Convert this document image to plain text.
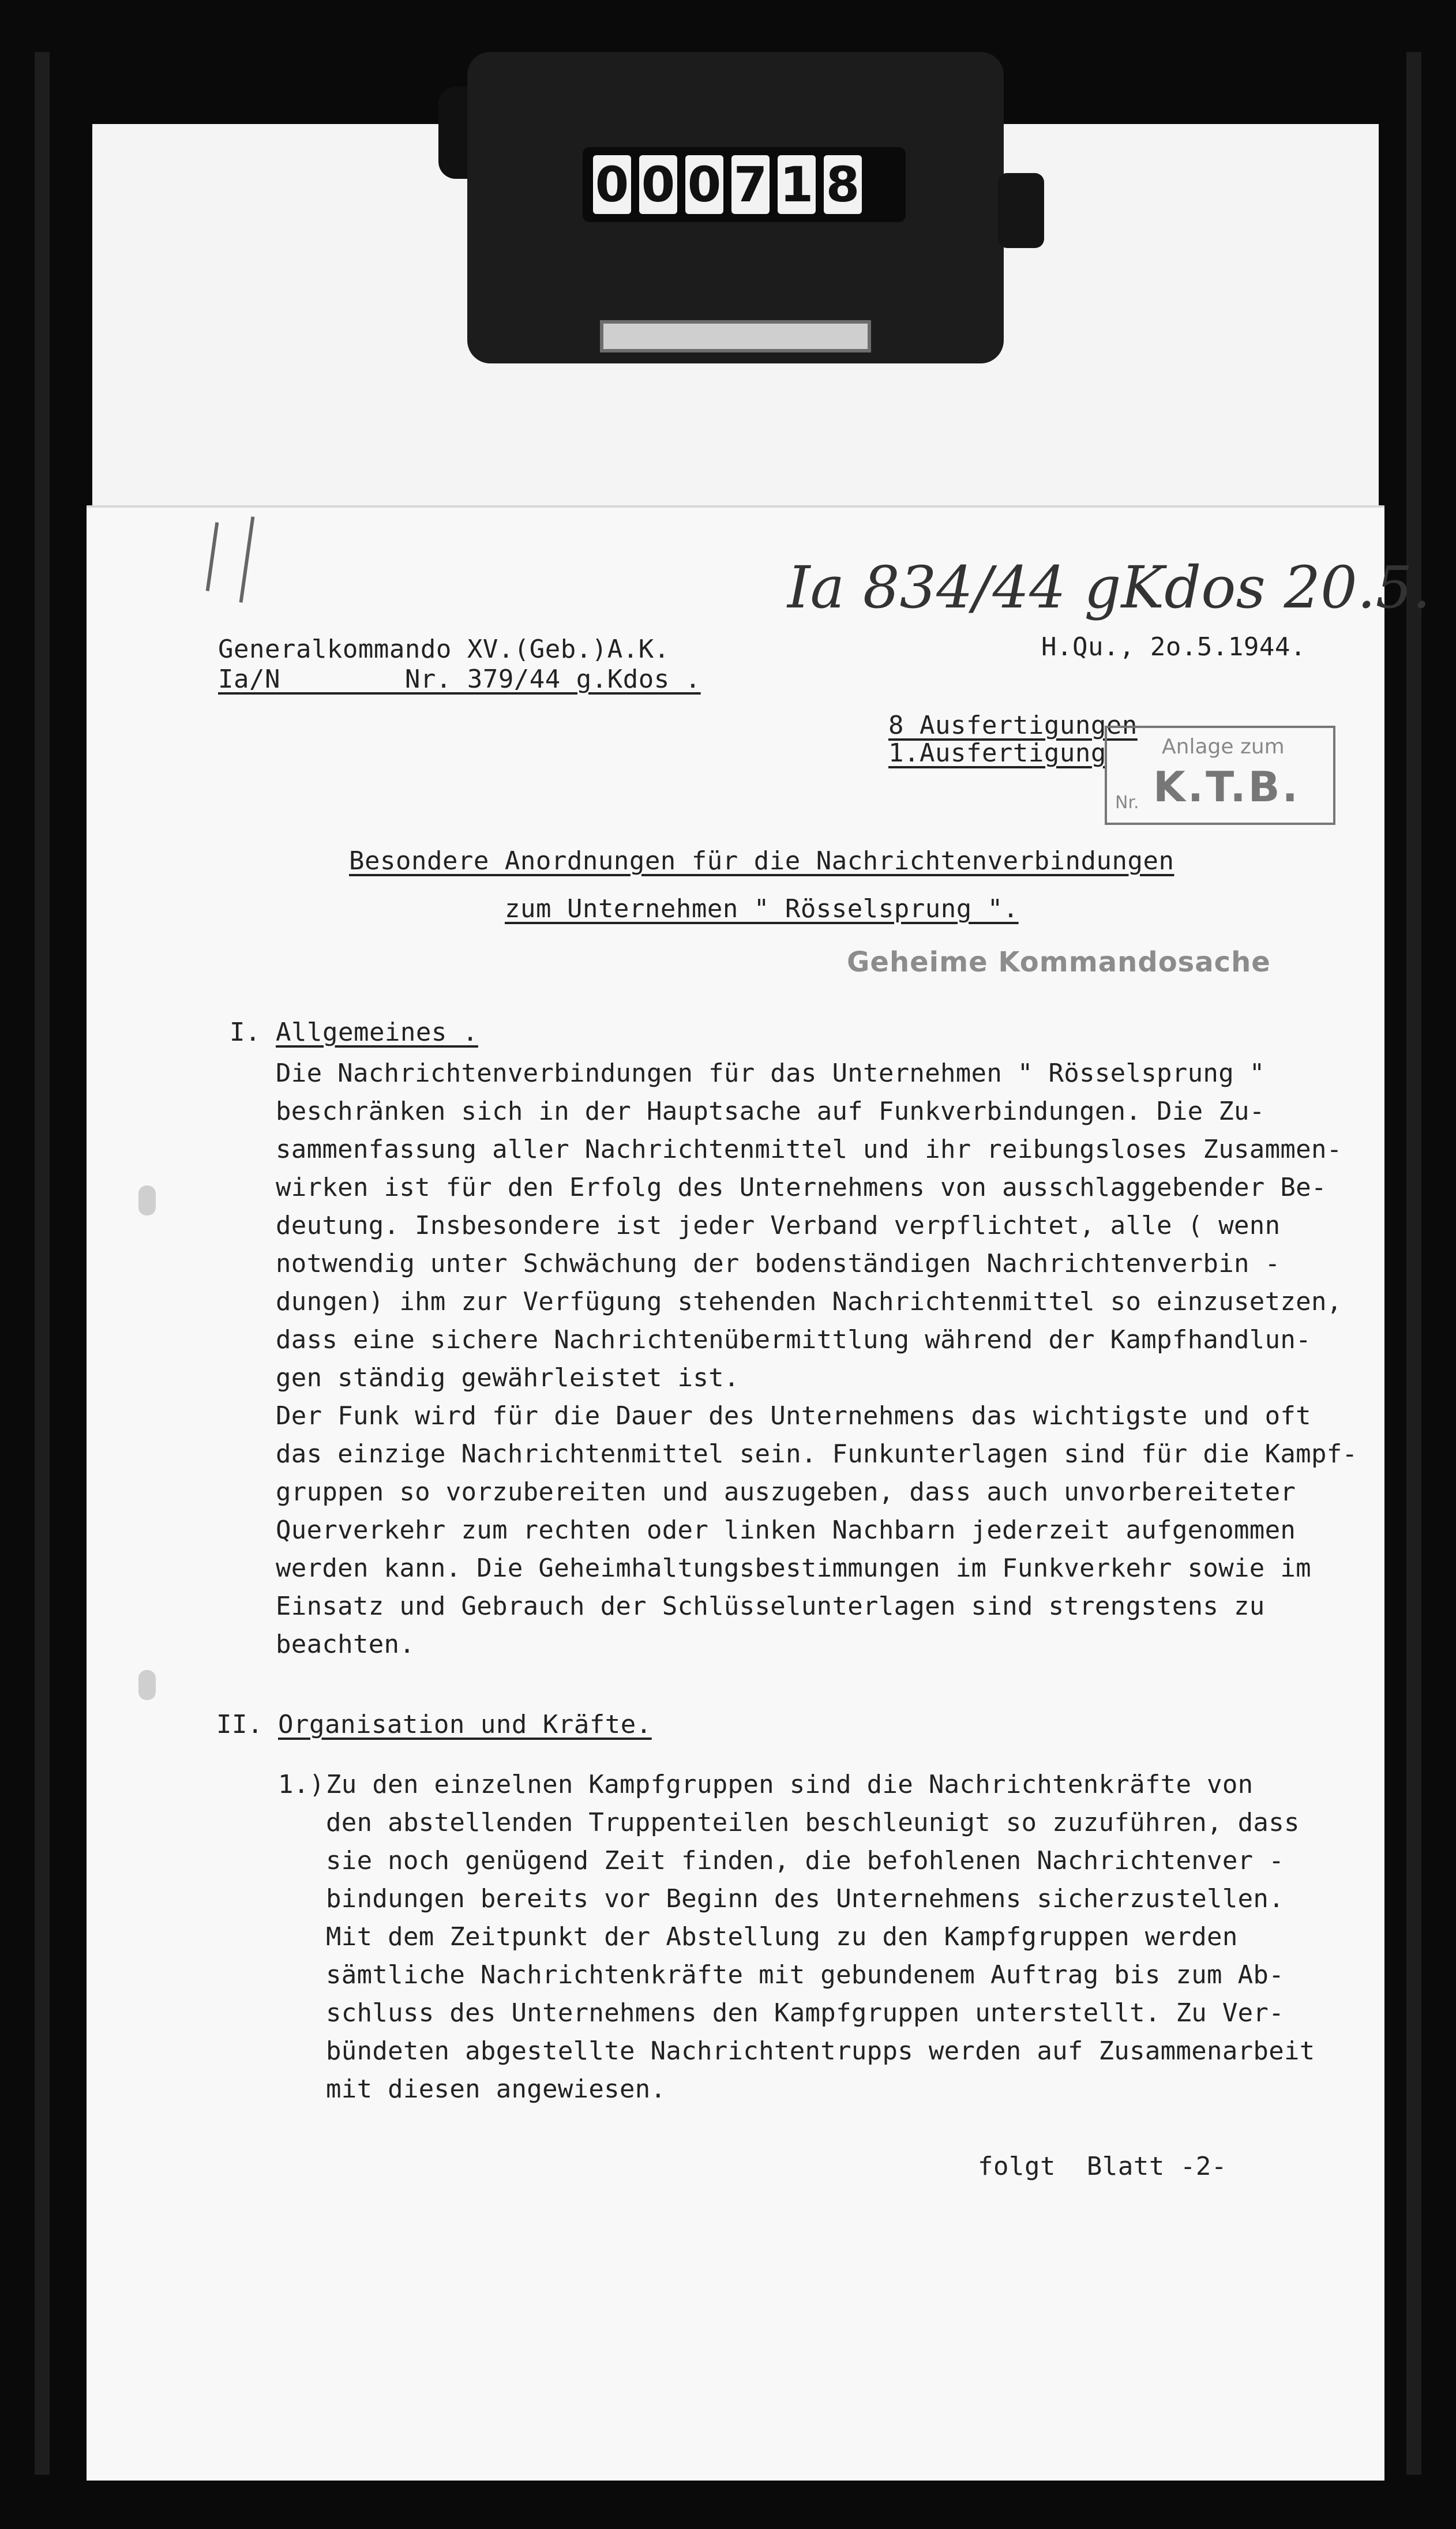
0 0 0 7 1 8
Ia 834/44 gKdos 20.5.
Generalkommando XV.(Geb.)A.K.
Ia/N        Nr. 379/44 g.Kdos .
H.Qu., 2o.5.1944.
8 Ausfertigungen
1.Ausfertigung	Anlage zum
K.T.B.
Nr.
Besondere Anordnungen für die Nachrichtenverbindungen
zum Unternehmen " Rösselsprung ".
Geheime Kommandosache
I. Allgemeines .
Die Nachrichtenverbindungen für das Unternehmen " Rösselsprung "
beschränken sich in der Hauptsache auf Funkverbindungen. Die Zu-
sammenfassung aller Nachrichtenmittel und ihr reibungsloses Zusammen-
wirken ist für den Erfolg des Unternehmens von ausschlaggebender Be-
deutung. Insbesondere ist jeder Verband verpflichtet, alle ( wenn
notwendig unter Schwächung der bodenständigen Nachrichtenverbin -
dungen) ihm zur Verfügung stehenden Nachrichtenmittel so einzusetzen,
dass eine sichere Nachrichtenübermittlung während der Kampfhandlun-
gen ständig gewährleistet ist.
Der Funk wird für die Dauer des Unternehmens das wichtigste und oft
das einzige Nachrichtenmittel sein. Funkunterlagen sind für die Kampf-
gruppen so vorzubereiten und auszugeben, dass auch unvorbereiteter
Querverkehr zum rechten oder linken Nachbarn jederzeit aufgenommen
werden kann. Die Geheimhaltungsbestimmungen im Funkverkehr sowie im
Einsatz und Gebrauch der Schlüsselunterlagen sind strengstens zu
beachten.
II. Organisation und Kräfte.
1.) Zu den einzelnen Kampfgruppen sind die Nachrichtenkräfte von
den abstellenden Truppenteilen beschleunigt so zuzuführen, dass
sie noch genügend Zeit finden, die befohlenen Nachrichtenver -
bindungen bereits vor Beginn des Unternehmens sicherzustellen.
Mit dem Zeitpunkt der Abstellung zu den Kampfgruppen werden
sämtliche Nachrichtenkräfte mit gebundenem Auftrag bis zum Ab-
schluss des Unternehmens den Kampfgruppen unterstellt. Zu Ver-
bündeten abgestellte Nachrichtentrupps werden auf Zusammenarbeit
mit diesen angewiesen.
folgt  Blatt -2-
